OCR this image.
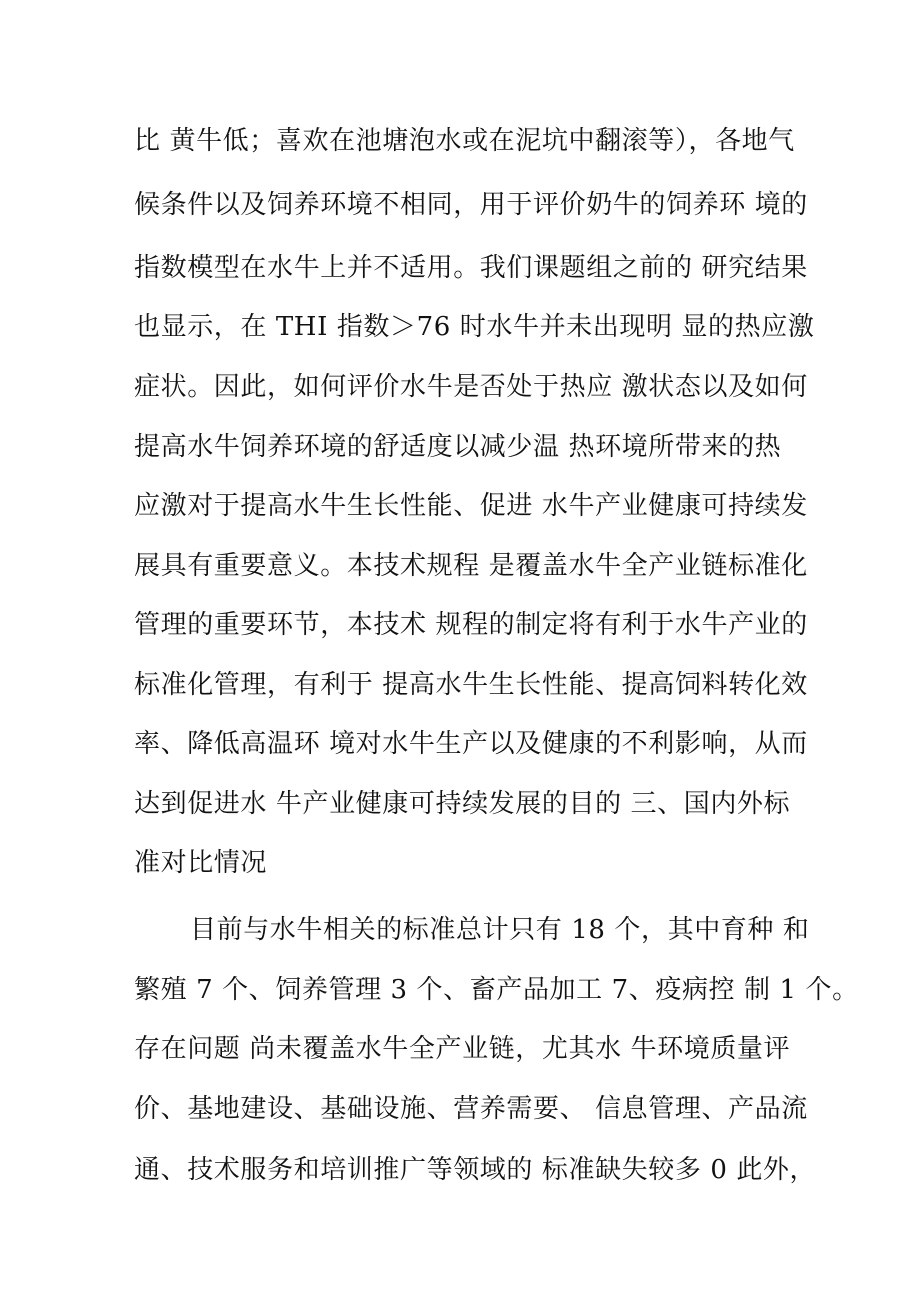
比 黄牛低；喜欢在池塘泡水或在泥坑中翻滚等），各地气
候条件以及饲养环境不相同，用于评价奶牛的饲养环 境的
指数模型在水牛上并不适用。我们课题组之前的 研究结果
也显示，在 THI 指数＞76 时水牛并未出现明 显的热应激
症状。因此，如何评价水牛是否处于热应 激状态以及如何
提高水牛饲养环境的舒适度以减少温 热环境所带来的热
应激对于提高水牛生长性能、促进 水牛产业健康可持续发
展具有重要意义。本技术规程 是覆盖水牛全产业链标准化
管理的重要环节，本技术 规程的制定将有利于水牛产业的
标准化管理，有利于 提高水牛生长性能、提高饲料转化效
率、降低高温环 境对水牛生产以及健康的不利影响，从而
达到促进水 牛产业健康可持续发展的目的 三、国内外标
准对比情况
目前与水牛相关的标准总计只有 18 个，其中育种 和
繁殖 7 个、饲养管理 3 个、畜产品加工 7、疫病控 制 1 个。
存在问题 尚未覆盖水牛全产业链，尤其水 牛环境质量评
价、基地建设、基础设施、营养需要、 信息管理、产品流
通、技术服务和培训推广等领域的 标准缺失较多 0 此外，
